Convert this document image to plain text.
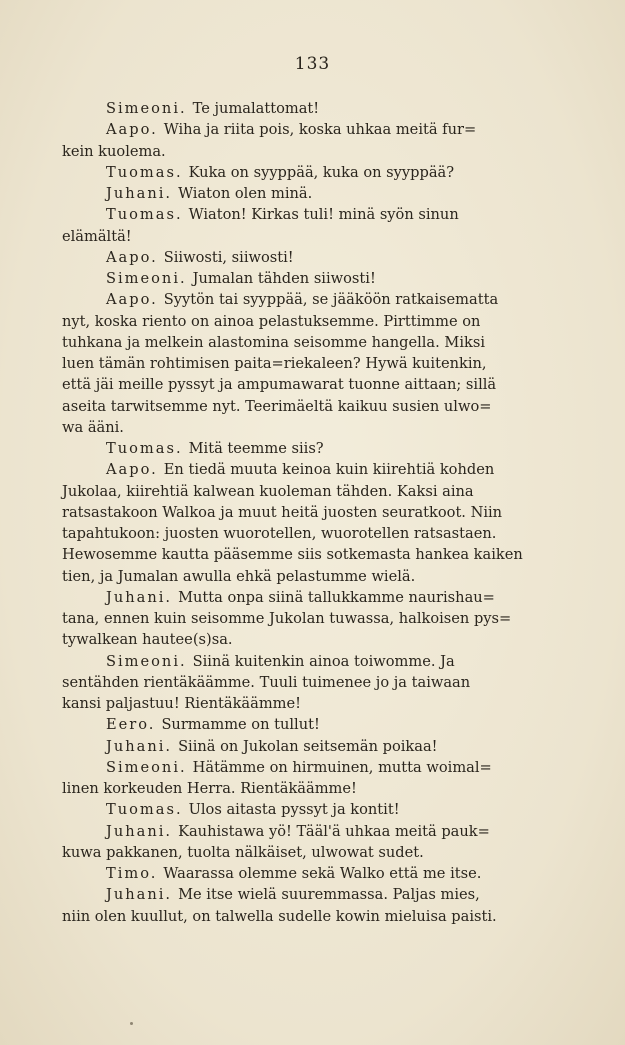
133

Simeoni. Te jumalattomat!

Aapo. Wiha ja riita pois, koska uhkaa meitä fur=

kein kuolema.

Tuomas. Kuka on syyppää, kuka on syyppää?

Juhani. Wiaton olen minä.

Tuomas. Wiaton! Kirkas tuli! minä syön sinun

elämältä!

Aapo. Siiwosti, siiwosti!

Simeoni. Jumalan tähden siiwosti!

Aapo. Syytön tai syyppää, se jääköön ratkaisematta

nyt, koska riento on ainoa pelastuksemme. Pirttimme on

tuhkana ja melkein alastomina seisomme hangella. Miksi

luen tämän rohtimisen paita=riekaleen? Hywä kuitenkin,

että jäi meille pyssyt ja ampumawarat tuonne aittaan; sillä

aseita tarwitsemme nyt. Teerimäeltä kaikuu susien ulwo=

wa ääni.

Tuomas. Mitä teemme siis?

Aapo. En tiedä muuta keinoa kuin kiirehtiä kohden

Jukolaa, kiirehtiä kalwean kuoleman tähden. Kaksi aina

ratsastakoon Walkoa ja muut heitä juosten seuratkoot. Niin

tapahtukoon: juosten wuorotellen, wuorotellen ratsastaen.

Hewosemme kautta pääsemme siis sotkemasta hankea kaiken

tien, ja Jumalan awulla ehkä pelastumme wielä.

Juhani. Mutta onpa siinä tallukkamme naurishau=

tana, ennen kuin seisomme Jukolan tuwassa, halkoisen pys=

tywalkean hautee(s)sa.

Simeoni. Siinä kuitenkin ainoa toiwomme. Ja

sentähden rientäkäämme. Tuuli tuimenee jo ja taiwaan

kansi paljastuu! Rientäkäämme!

Eero. Surmamme on tullut!

Juhani. Siinä on Jukolan seitsemän poikaa!

Simeoni. Hätämme on hirmuinen, mutta woimal=

linen korkeuden Herra. Rientäkäämme!

Tuomas. Ulos aitasta pyssyt ja kontit!

Juhani. Kauhistawa yö! Tääl'ä uhkaa meitä pauk=

kuwa pakkanen, tuolta nälkäiset, ulwowat sudet.

Timo. Waarassa olemme sekä Walko että me itse.

Juhani. Me itse wielä suuremmassa. Paljas mies,

niin olen kuullut, on talwella sudelle kowin mieluisa paisti.
